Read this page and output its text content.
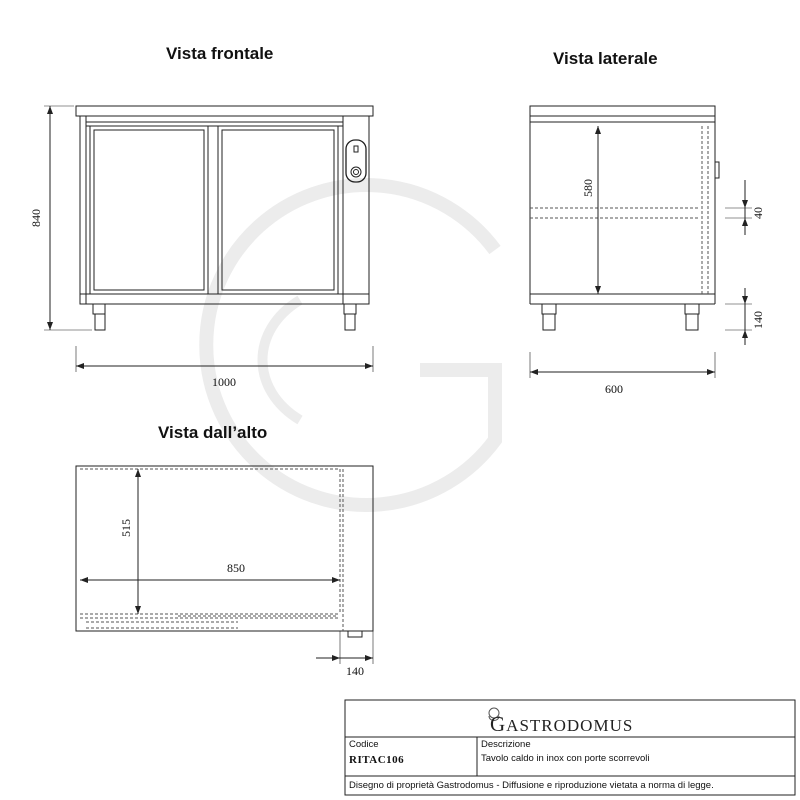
840
1000
580
40
140
600
515
850
140
Vista frontale	Vista laterale
Vista dall’alto
GASTRODOMUS
Codice
RITAC106
Descrizione
Tavolo caldo in inox con porte scorrevoli
Disegno di proprietà Gastrodomus - Diffusione e riproduzione vietata a norma di legge.
